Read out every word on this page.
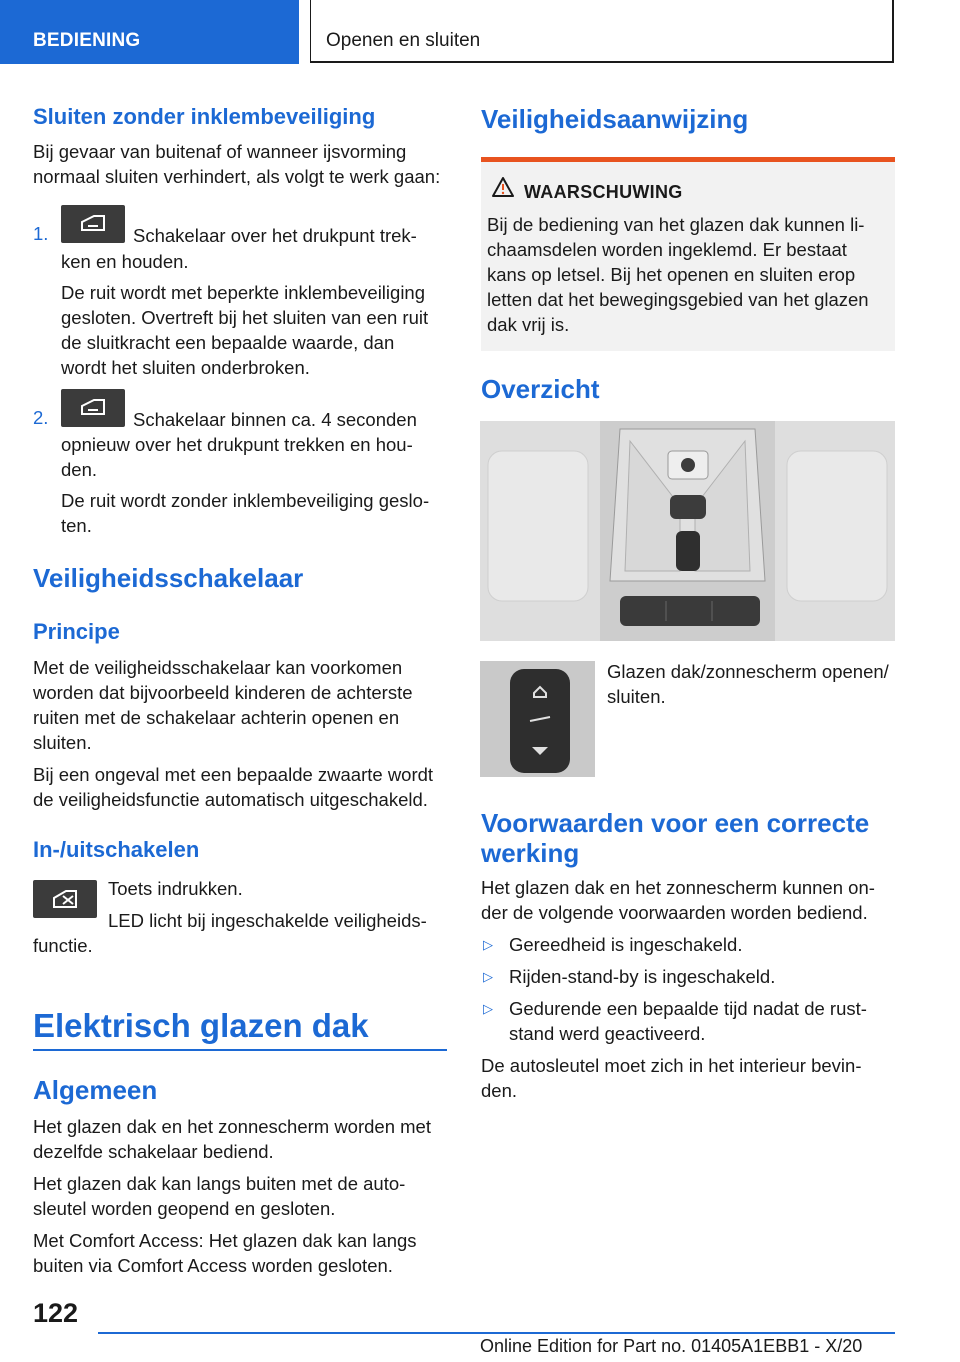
BEDIENING	Openen en sluiten
Sluiten zonder inklembeveiliging
Bij gevaar van buitenaf of wanneer ijsvorming
normaal sluiten verhindert, als volgt te werk gaan:
1.	Schakelaar over het drukpunt trek-
ken en houden.
De ruit wordt met beperkte inklembeveiliging
gesloten. Overtreft bij het sluiten van een ruit
de sluitkracht een bepaalde waarde, dan
wordt het sluiten onderbroken.
2.	Schakelaar binnen ca. 4 seconden
opnieuw over het drukpunt trekken en hou-
den.
De ruit wordt zonder inklembeveiliging geslo-
ten.
Veiligheidsschakelaar
Principe
Met de veiligheidsschakelaar kan voorkomen
worden dat bijvoorbeeld kinderen de achterste
ruiten met de schakelaar achterin openen en
sluiten.
Bij een ongeval met een bepaalde zwaarte wordt
de veiligheidsfunctie automatisch uitgeschakeld.
In-/uitschakelen
Toets indrukken.
LED licht bij ingeschakelde veiligheids-
functie.
Elektrisch glazen dak
Algemeen
Het glazen dak en het zonnescherm worden met
dezelfde schakelaar bediend.
Het glazen dak kan langs buiten met de auto-
sleutel worden geopend en gesloten.
Met Comfort Access: Het glazen dak kan langs
buiten via Comfort Access worden gesloten.
Veiligheidsaanwijzing
WAARSCHUWING
Bij de bediening van het glazen dak kunnen li-
chaamsdelen worden ingeklemd. Er bestaat
kans op letsel. Bij het openen en sluiten erop
letten dat het bewegingsgebied van het glazen
dak vrij is.
Overzicht
Glazen dak/zonnescherm openen/
sluiten.
Voorwaarden voor een correcte
werking
Het glazen dak en het zonnescherm kunnen on-
der de volgende voorwaarden worden bediend.
▷ Gereedheid is ingeschakeld.
▷ Rijden-stand-by is ingeschakeld.
▷ Gedurende een bepaalde tijd nadat de rust-
stand werd geactiveerd.
De autosleutel moet zich in het interieur bevin-
den.
122
Online Edition for Part no. 01405A1EBB1 - X/20
